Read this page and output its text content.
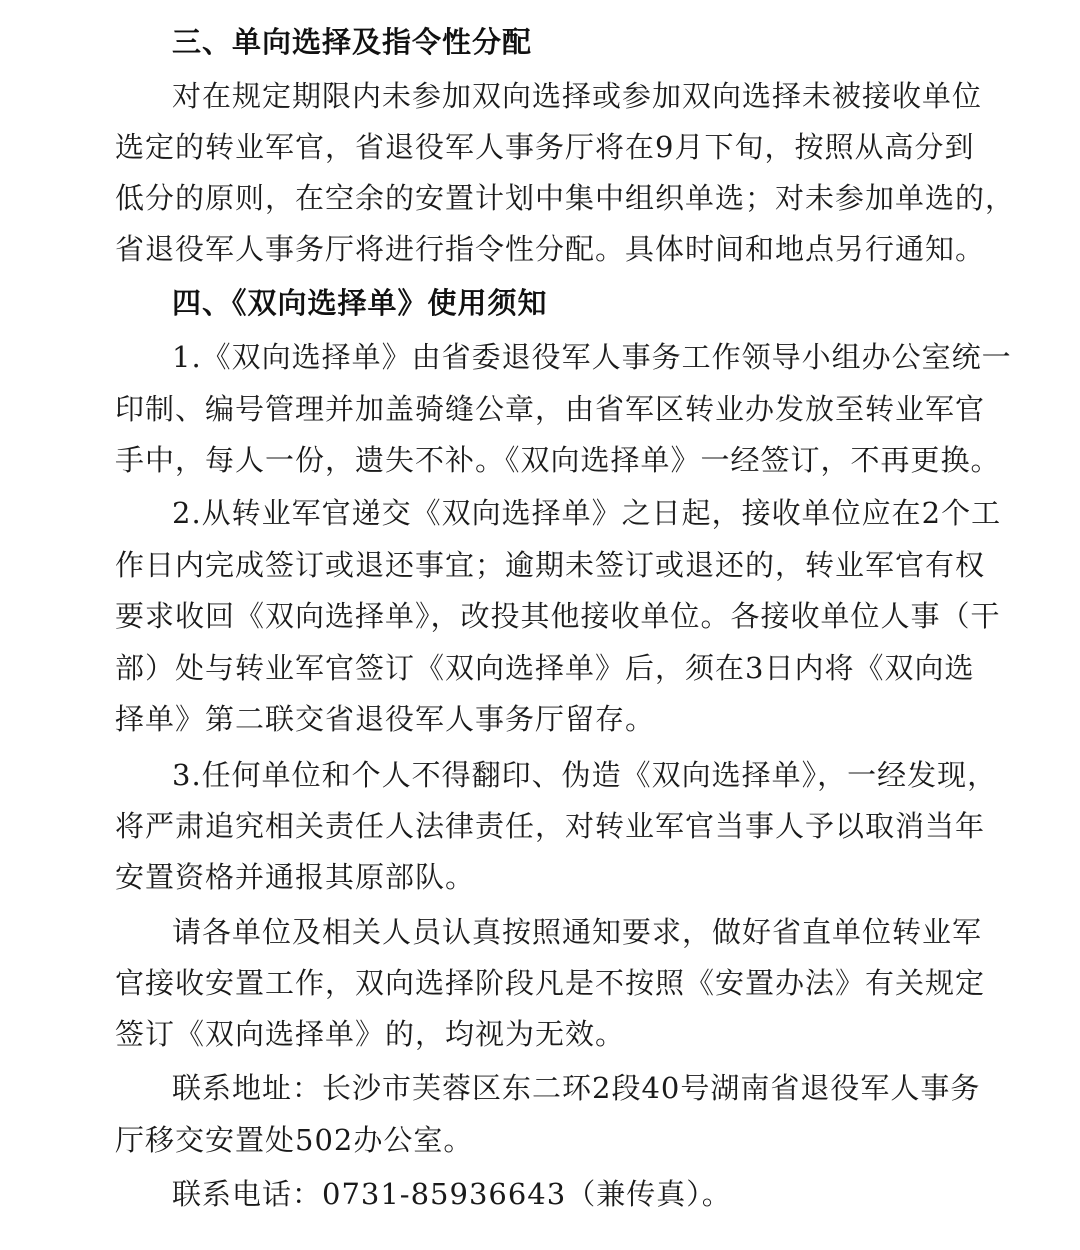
三、单向选择及指令性分配
对在规定期限内未参加双向选择或参加双向选择未被接收单位
选定的转业军官，省退役军人事务厅将在9月下旬，按照从高分到
低分的原则，在空余的安置计划中集中组织单选；对未参加单选的，
省退役军人事务厅将进行指令性分配。具体时间和地点另行通知。
四、《双向选择单》使用须知
1.《双向选择单》由省委退役军人事务工作领导小组办公室统一
印制、编号管理并加盖骑缝公章，由省军区转业办发放至转业军官
手中，每人一份，遗失不补。《双向选择单》一经签订，不再更换。
2.从转业军官递交《双向选择单》之日起，接收单位应在2个工
作日内完成签订或退还事宜；逾期未签订或退还的，转业军官有权
要求收回《双向选择单》，改投其他接收单位。各接收单位人事（干
部）处与转业军官签订《双向选择单》后，须在3日内将《双向选
择单》第二联交省退役军人事务厅留存。
3.任何单位和个人不得翻印、伪造《双向选择单》，一经发现，
将严肃追究相关责任人法律责任，对转业军官当事人予以取消当年
安置资格并通报其原部队。
请各单位及相关人员认真按照通知要求，做好省直单位转业军
官接收安置工作，双向选择阶段凡是不按照《安置办法》有关规定
签订《双向选择单》的，均视为无效。
联系地址：长沙市芙蓉区东二环2段40号湖南省退役军人事务
厅移交安置处502办公室。
联系电话：0731-85936643（兼传真）。
